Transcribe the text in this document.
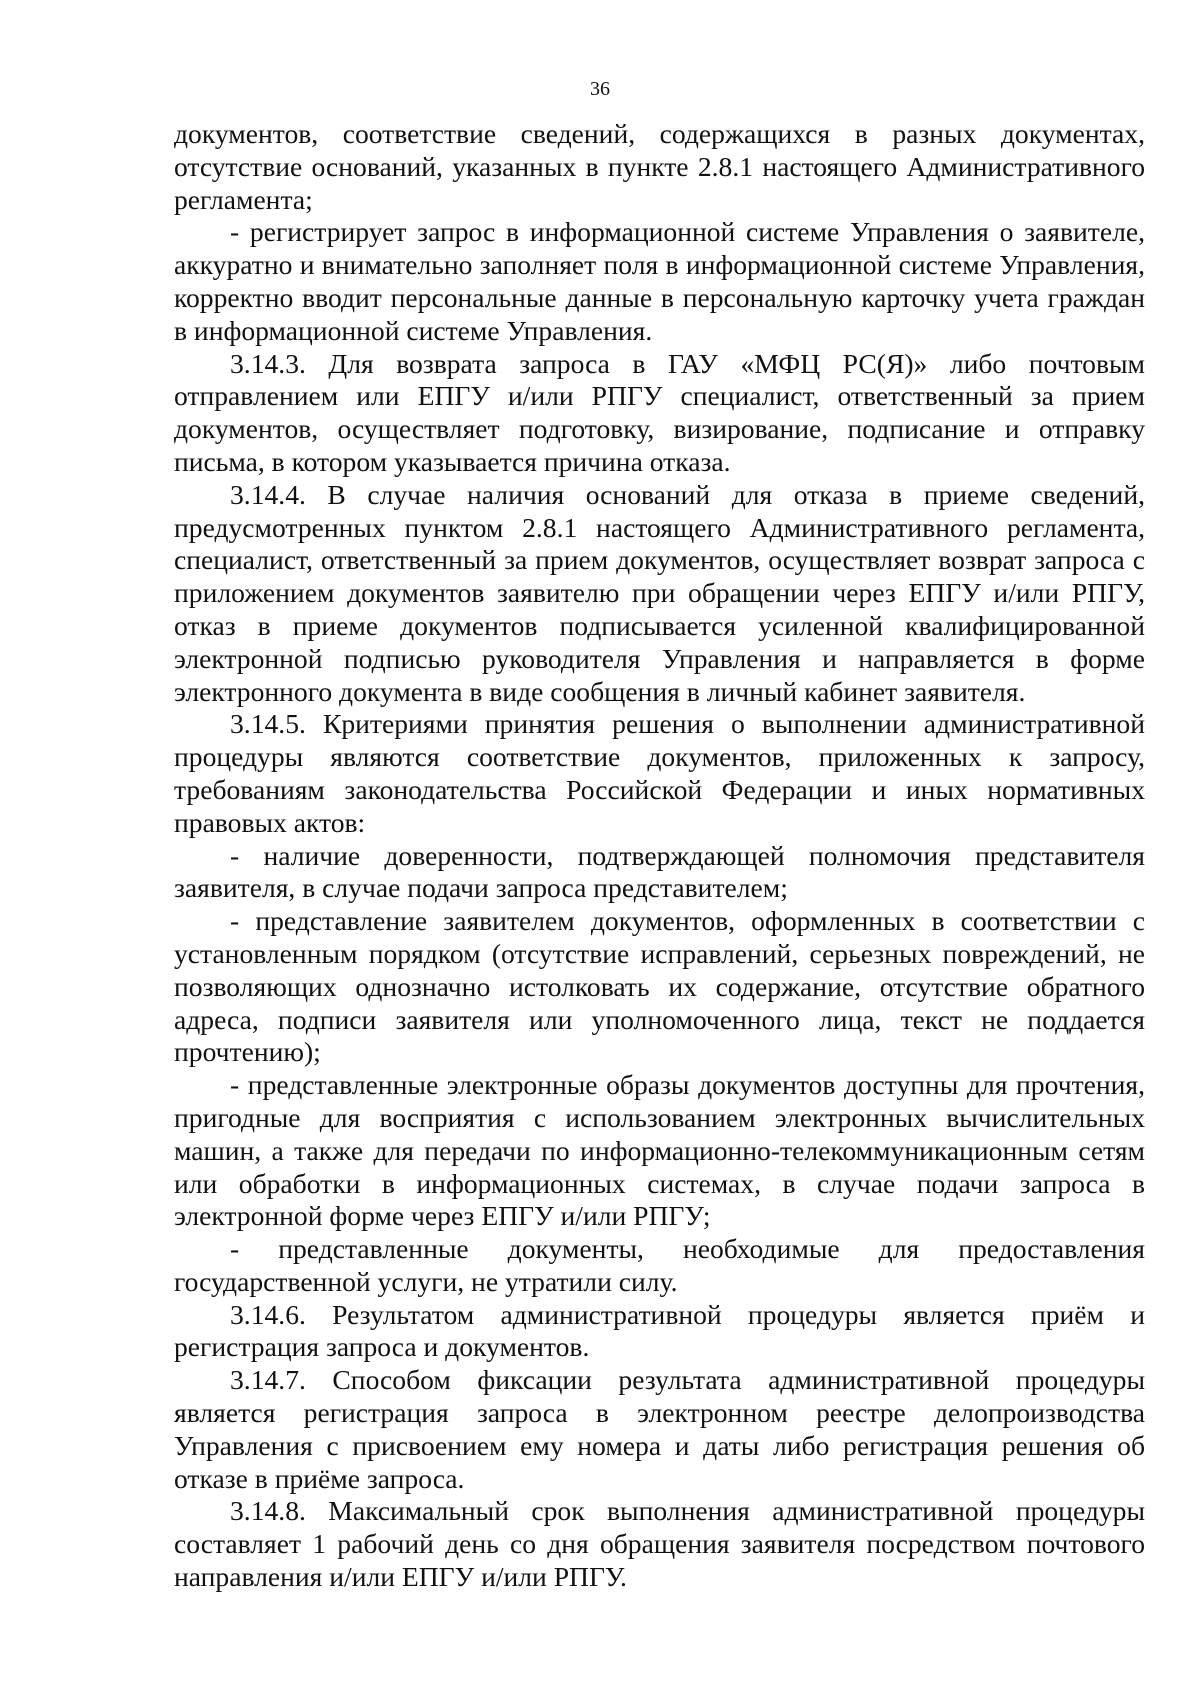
36

документов, соответствие сведений, содержащихся в разных документах, отсутствие оснований, указанных в пункте 2.8.1 настоящего Административного регламента;

- регистрирует запрос в информационной системе Управления о заявителе, аккуратно и внимательно заполняет поля в информационной системе Управления, корректно вводит персональные данные в персональную карточку учета граждан в информационной системе Управления.

3.14.3. Для возврата запроса в ГАУ «МФЦ РС(Я)» либо почтовым отправлением или ЕПГУ и/или РПГУ специалист, ответственный за прием документов, осуществляет подготовку, визирование, подписание и отправку письма, в котором указывается причина отказа.

3.14.4. В случае наличия оснований для отказа в приеме сведений, предусмотренных пунктом 2.8.1 настоящего Административного регламента, специалист, ответственный за прием документов, осуществляет возврат запроса с приложением документов заявителю при обращении через ЕПГУ и/или РПГУ, отказ в приеме документов подписывается усиленной квалифицированной электронной подписью руководителя Управления и направляется в форме электронного документа в виде сообщения в личный кабинет заявителя.

3.14.5. Критериями принятия решения о выполнении административной процедуры являются соответствие документов, приложенных к запросу, требованиям законодательства Российской Федерации и иных нормативных правовых актов:

- наличие доверенности, подтверждающей полномочия представителя заявителя, в случае подачи запроса представителем;

- представление заявителем документов, оформленных в соответствии с установленным порядком (отсутствие исправлений, серьезных повреждений, не позволяющих однозначно истолковать их содержание, отсутствие обратного адреса, подписи заявителя или уполномоченного лица, текст не поддается прочтению);

- представленные электронные образы документов доступны для прочтения, пригодные для восприятия с использованием электронных вычислительных машин, а также для передачи по информационно-телекоммуникационным сетям или обработки в информационных системах, в случае подачи запроса в электронной форме через ЕПГУ и/или РПГУ;

- представленные документы, необходимые для предоставления государственной услуги, не утратили силу.

3.14.6. Результатом административной процедуры является приём и регистрация запроса и документов.

3.14.7. Способом фиксации результата административной процедуры является регистрация запроса в электронном реестре делопроизводства Управления с присвоением ему номера и даты либо регистрация решения об отказе в приёме запроса.

3.14.8. Максимальный срок выполнения административной процедуры составляет 1 рабочий день со дня обращения заявителя посредством почтового направления и/или ЕПГУ и/или РПГУ.
